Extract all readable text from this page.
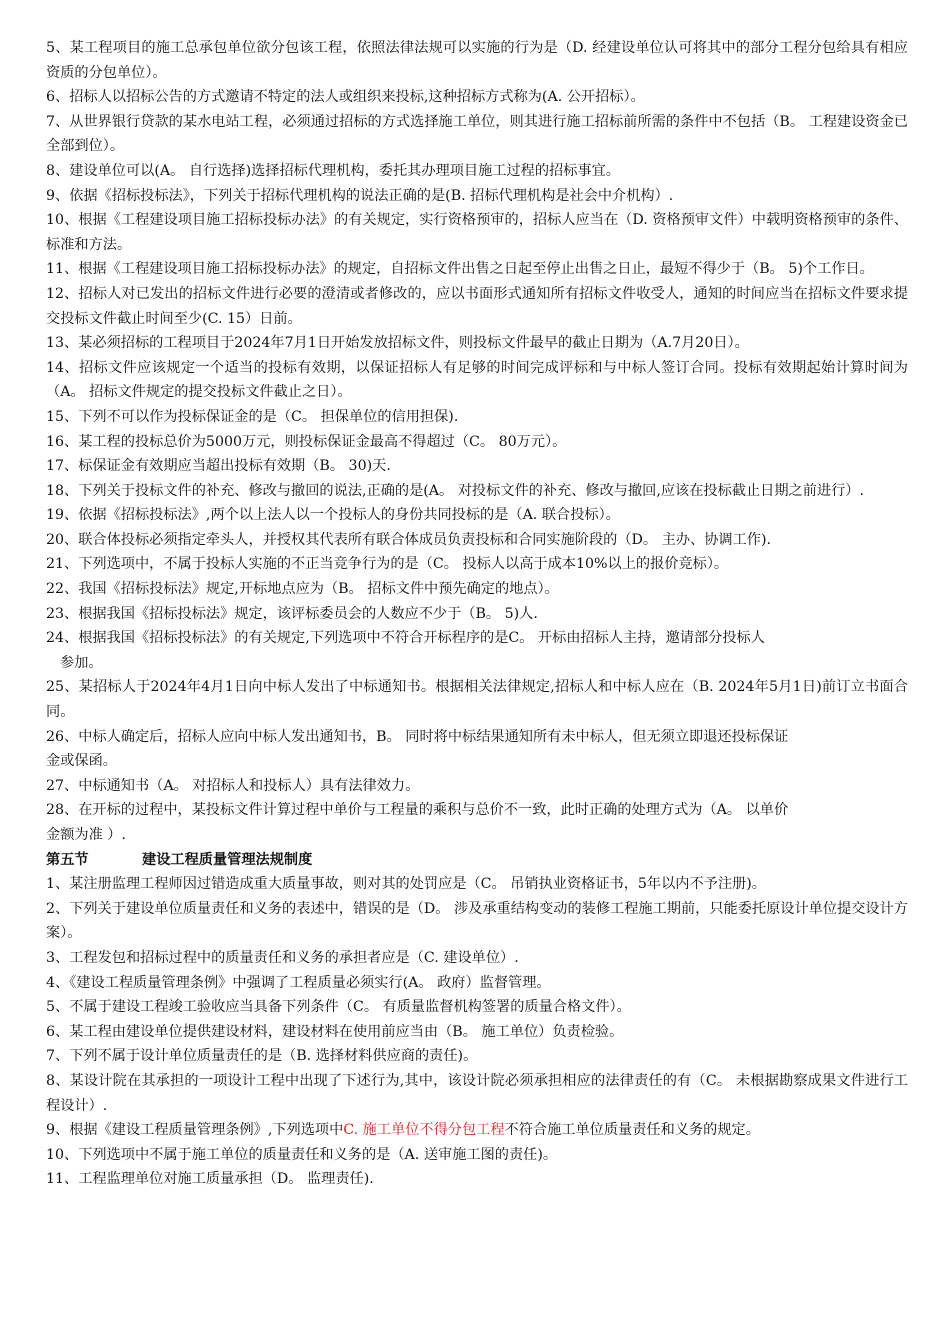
5、某工程项目的施工总承包单位欲分包该工程，依照法律法规可以实施的行为是（D. 经建设单位认可将其中的部分工程分包给具有相应资质的分包单位）。

6、招标人以招标公告的方式邀请不特定的法人或组织来投标,这种招标方式称为(A. 公开招标）。

7、从世界银行贷款的某水电站工程，必须通过招标的方式选择施工单位，则其进行施工招标前所需的条件中不包括（B。 工程建设资金已全部到位）。

8、建设单位可以(A。 自行选择)选择招标代理机构，委托其办理项目施工过程的招标事宜。

9、依据《招标投标法》，下列关于招标代理机构的说法正确的是(B. 招标代理机构是社会中介机构）.

10、根据《工程建设项目施工招标投标办法》的有关规定，实行资格预审的，招标人应当在（D. 资格预审文件）中载明资格预审的条件、标准和方法。

11、根据《工程建设项目施工招标投标办法》的规定，自招标文件出售之日起至停止出售之日止，最短不得少于（B。 5)个工作日。

12、招标人对已发出的招标文件进行必要的澄清或者修改的，应以书面形式通知所有招标文件收受人，通知的时间应当在招标文件要求提交投标文件截止时间至少(C. 15）日前。

13、某必须招标的工程项目于2024年7月1日开始发放招标文件，则投标文件最早的截止日期为（A.7月20日）。

14、招标文件应该规定一个适当的投标有效期，以保证招标人有足够的时间完成评标和与中标人签订合同。投标有效期起始计算时间为（A。 招标文件规定的提交投标文件截止之日）。

15、下列不可以作为投标保证金的是（C。 担保单位的信用担保).

16、某工程的投标总价为5000万元，则投标保证金最高不得超过（C。 80万元）。

17、标保证金有效期应当超出投标有效期（B。 30)天.

18、下列关于投标文件的补充、修改与撤回的说法,正确的是(A。 对投标文件的补充、修改与撤回,应该在投标截止日期之前进行）.

19、依据《招标投标法》,两个以上法人以一个投标人的身份共同投标的是（A. 联合投标）。

20、联合体投标必须指定牵头人，并授权其代表所有联合体成员负责投标和合同实施阶段的（D。 主办、协调工作).

21、下列选项中，不属于投标人实施的不正当竞争行为的是（C。 投标人以高于成本10%以上的报价竞标）。

22、我国《招标投标法》规定,开标地点应为（B。 招标文件中预先确定的地点）。

23、根据我国《招标投标法》规定，该评标委员会的人数应不少于（B。 5)人.

24、根据我国《招标投标法》的有关规定,下列选项中不符合开标程序的是C。 开标由招标人主持，邀请部分投标人

参加。

25、某招标人于2024年4月1日向中标人发出了中标通知书。根据相关法律规定,招标人和中标人应在（B. 2024年5月1日)前订立书面合同。

26、中标人确定后，招标人应向中标人发出通知书，B。 同时将中标结果通知所有未中标人，但无须立即退还投标保证

金或保函。

27、中标通知书（A。 对招标人和投标人）具有法律效力。

28、在开标的过程中，某投标文件计算过程中单价与工程量的乘积与总价不一致，此时正确的处理方式为（A。 以单价

金额为准 ）.

第五节	建设工程质量管理法规制度

1、某注册监理工程师因过错造成重大质量事故，则对其的处罚应是（C。 吊销执业资格证书，5年以内不予注册)。

2、下列关于建设单位质量责任和义务的表述中，错误的是（D。 涉及承重结构变动的装修工程施工期前，只能委托原设计单位提交设计方案）。

3、工程发包和招标过程中的质量责任和义务的承担者应是（C. 建设单位）.

4、《建设工程质量管理条例》中强调了工程质量必须实行(A。 政府）监督管理。

5、不属于建设工程竣工验收应当具备下列条件（C。 有质量监督机构签署的质量合格文件）。

6、某工程由建设单位提供建设材料，建设材料在使用前应当由（B。 施工单位）负责检验。

7、下列不属于设计单位质量责任的是（B. 选择材料供应商的责任)。

8、某设计院在其承担的一项设计工程中出现了下述行为,其中，该设计院必须承担相应的法律责任的有（C。 未根据勘察成果文件进行工程设计）.

9、根据《建设工程质量管理条例》,下列选项中C. 施工单位不得分包工程不符合施工单位质量责任和义务的规定。

10、下列选项中不属于施工单位的质量责任和义务的是（A. 送审施工图的责任)。

11、工程监理单位对施工质量承担（D。 监理责任).
